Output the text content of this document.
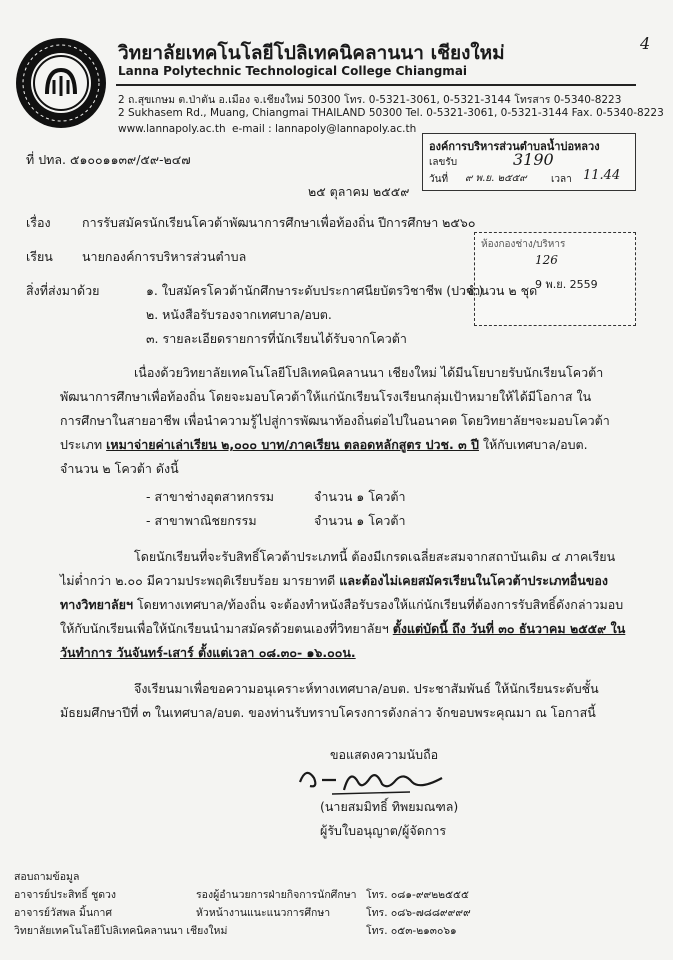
4
วิทยาลัยเทคโนโลยีโปลิเทคนิคลานนา เชียงใหม่
Lanna Polytechnic Technological College Chiangmai
2 ถ.สุขเกษม ต.ป่าตัน อ.เมือง จ.เชียงใหม่ 50300 โทร. 0-5321-3061, 0-5321-3144 โทรสาร 0-5340-8223
2 Sukhasem Rd., Muang, Chiangmai THAILAND 50300 Tel. 0-5321-3061, 0-5321-3144 Fax. 0-5340-8223
www.lannapoly.ac.th e-mail : lannapoly@lannapoly.ac.th
องค์การบริหารส่วนตำบลน้ำบ่อหลวง
เลขรับ	3190
วันที่ ๙ พ.ย. ๒๕๕๙ เวลา 11.44
ที่ ปทล. ๕๑๐๐๑๑๓๙/๕๙-๒๔๗
๒๕ ตุลาคม ๒๕๕๙
เรื่อง	การรับสมัครนักเรียนโควต้าพัฒนาการศึกษาเพื่อท้องถิ่น ปีการศึกษา ๒๕๖๐
เรียน นายกองค์การบริหารส่วนตำบล
ห้องกองช่าง/บริหาร
126
9 พ.ย. 2559
สิ่งที่ส่งมาด้วย	๑. ใบสมัครโควต้านักศึกษาระดับประกาศนียบัตรวิชาชีพ (ปวช.)
จำนวน ๒ ชุด
๒. หนังสือรับรองจากเทศบาล/อบต.
๓. รายละเอียดรายการที่นักเรียนได้รับจากโควต้า
เนื่องด้วยวิทยาลัยเทคโนโลยีโปลิเทคนิคลานนา เชียงใหม่ ได้มีนโยบายรับนักเรียนโควต้า
พัฒนาการศึกษาเพื่อท้องถิ่น โดยจะมอบโควต้าให้แก่นักเรียนโรงเรียนกลุ่มเป้าหมายให้ได้มีโอกาส ใน
การศึกษาในสายอาชีพ เพื่อนำความรู้ไปสู่การพัฒนาท้องถิ่นต่อไปในอนาคต โดยวิทยาลัยฯจะมอบโควต้า
ประเภท เหมาจ่ายค่าเล่าเรียน ๒,๐๐๐ บาท/ภาคเรียน ตลอดหลักสูตร ปวช. ๓ ปี ให้กับเทศบาล/อบต.
จำนวน ๒ โควต้า ดังนี้
- สาขาช่างอุตสาหกรรม	จำนวน ๑ โควต้า
- สาขาพาณิชยกรรม	จำนวน ๑ โควต้า
โดยนักเรียนที่จะรับสิทธิ์โควต้าประเภทนี้ ต้องมีเกรดเฉลี่ยสะสมจากสถาบันเดิม ๔ ภาคเรียน
ไม่ต่ำกว่า ๒.๐๐ มีความประพฤติเรียบร้อย มารยาทดี และต้องไม่เคยสมัครเรียนในโควต้าประเภทอื่นของ
ทางวิทยาลัยฯ โดยทางเทศบาล/ท้องถิ่น จะต้องทำหนังสือรับรองให้แก่นักเรียนที่ต้องการรับสิทธิ์ดังกล่าวมอบ
ให้กับนักเรียนเพื่อให้นักเรียนนำมาสมัครด้วยตนเองที่วิทยาลัยฯ ตั้งแต่บัดนี้ ถึง วันที่ ๓๐ ธันวาคม ๒๕๕๙ ใน
วันทำการ วันจันทร์-เสาร์ ตั้งแต่เวลา ๐๘.๓๐- ๑๖.๐๐น.
จึงเรียนมาเพื่อขอความอนุเคราะห์ทางเทศบาล/อบต. ประชาสัมพันธ์ ให้นักเรียนระดับชั้น
มัธยมศึกษาปีที่ ๓ ในเทศบาล/อบต. ของท่านรับทราบโครงการดังกล่าว จักขอบพระคุณมา ณ โอกาสนี้
ขอแสดงความนับถือ
(นายสมมิทธิ์ ทิพยมณฑล)
ผู้รับใบอนุญาต/ผู้จัดการ
สอบถามข้อมูล
อาจารย์ประสิทธิ์ ชูดวง	รองผู้อำนวยการฝ่ายกิจการนักศึกษา โทร. ๐๘๑-๙๙๒๒๕๕๕
อาจารย์วัสพล มิ้นกาศ	หัวหน้างานแนะแนวการศึกษา	โทร. ๐๘๖-๗๘๘๙๙๙๙
วิทยาลัยเทคโนโลยีโปลิเทคนิคลานนา เชียงใหม่	โทร. ๐๕๓-๒๑๓๐๖๑
